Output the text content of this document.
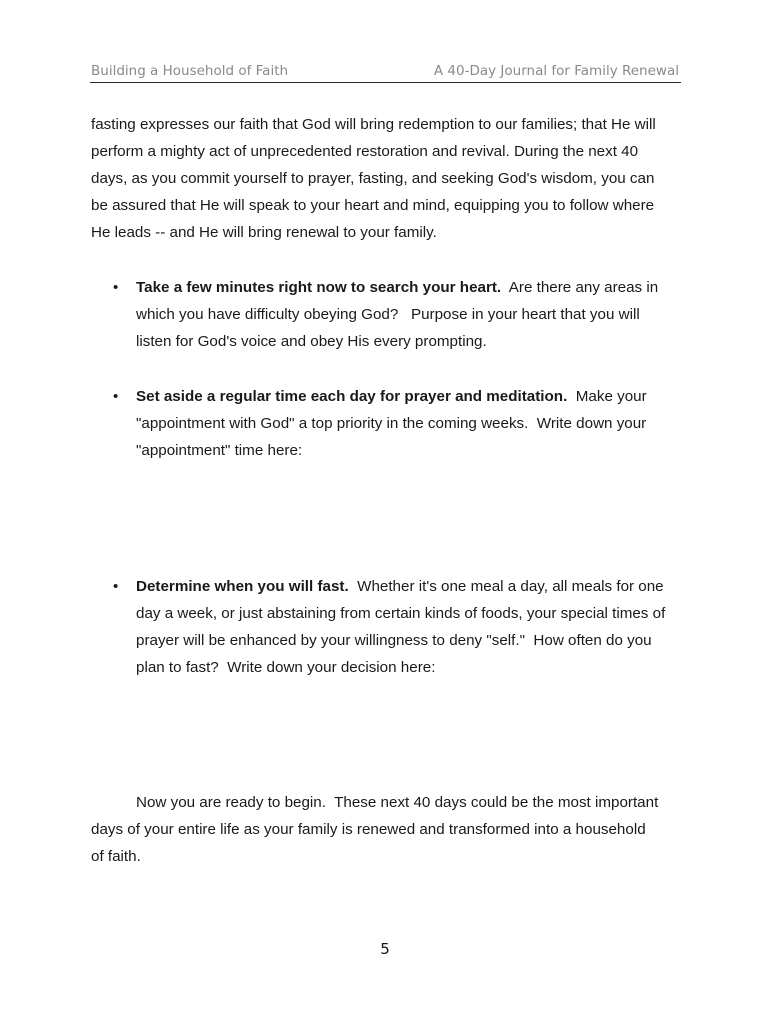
Building a Household of Faith	A 40-Day Journal for Family Renewal
fasting expresses our faith that God will bring redemption to our families; that He will
perform a mighty act of unprecedented restoration and revival. During the next 40
days, as you commit yourself to prayer, fasting, and seeking God's wisdom, you can
be assured that He will speak to your heart and mind, equipping you to follow where
He leads -- and He will bring renewal to your family.
• Take a few minutes right now to search your heart.  Are there any areas in
which you have difficulty obeying God?   Purpose in your heart that you will
listen for God's voice and obey His every prompting.
• Set aside a regular time each day for prayer and meditation.  Make your
"appointment with God" a top priority in the coming weeks.  Write down your
"appointment" time here:
• Determine when you will fast.  Whether it's one meal a day, all meals for one
day a week, or just abstaining from certain kinds of foods, your special times of
prayer will be enhanced by your willingness to deny "self."  How often do you
plan to fast?  Write down your decision here:
Now you are ready to begin.  These next 40 days could be the most important
days of your entire life as your family is renewed and transformed into a household
of faith.
5
